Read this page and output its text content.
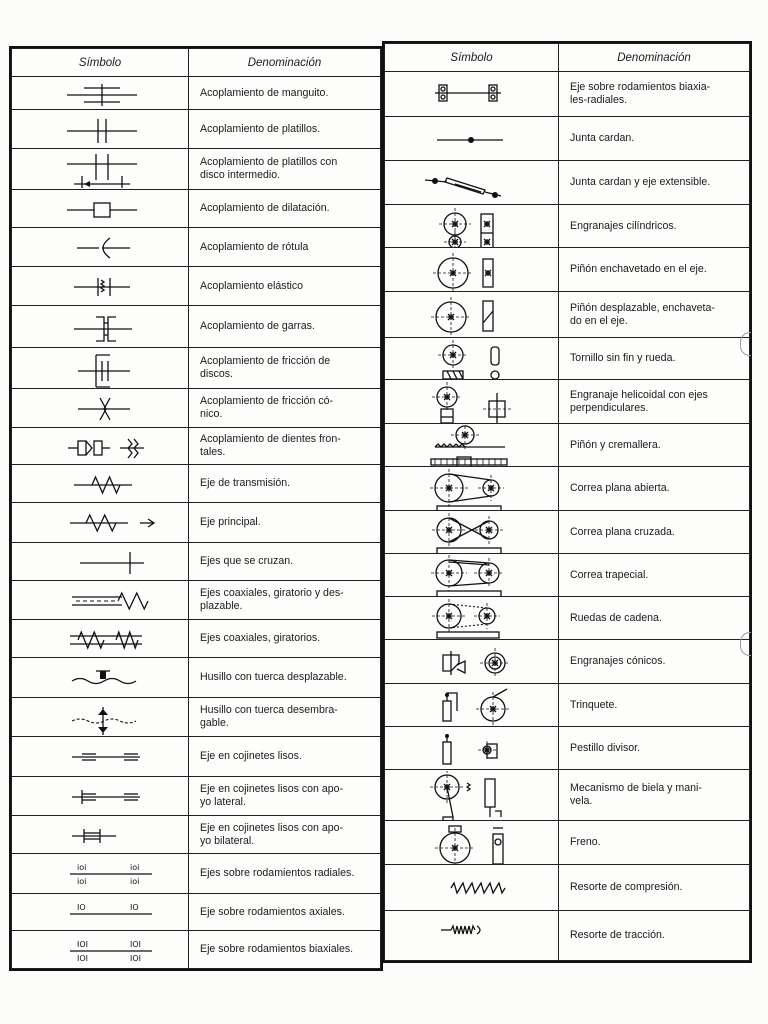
Símbolo	Denominación

	Acoplamiento de manguito.

	Acoplamiento de platillos.

	Acoplamiento de platillos con
disco intermedio.

	Acoplamiento de dilatación.

	Acoplamiento de rótula

	Acoplamiento elástico

	Acoplamiento de garras.

	Acoplamiento de fricción de
discos.

	Acoplamiento de fricción có-
nico.

	Acoplamiento de dientes fron-
tales.

	Eje de transmisión.

	Eje principal.

	Ejes que se cruzan.

	Ejes coaxiales, giratorio y des-
plazable.

	Ejes coaxiales, giratorios.

	Husillo con tuerca desplazable.

	Husillo con tuerca desembra-
gable.

	Eje en cojinetes lisos.

	Eje en cojinetes lisos con apo-
yo lateral.

	Eje en cojinetes lisos con apo-
yo bilateral.

ioi
ioi
ioi
ioi	Ejes sobre rodamientos radiales.

IO IO	Eje sobre rodamientos axiales.

IOI
IOI
IOI
IOI	Eje sobre rodamientos biaxiales.
Símbolo	Denominación

	Eje sobre rodamientos biaxia-
les-radiales.

	Junta cardan.

	Junta cardan y eje extensible.

	Engranajes cilíndricos.

	Piñón enchavetado en el eje.

	Piñón desplazable, enchaveta-
do en el eje.

	Tornillo sin fin y rueda.

	Engranaje helicoidal con ejes
perpendiculares.

	Piñón y cremallera.

	Correa plana abierta.

	Correa plana cruzada.

	Correa trapecial.

	Ruedas de cadena.

	Engranajes cónicos.

	Trinquete.

	Pestillo divisor.

	Mecanismo de biela y mani-
vela.

	Freno.

	Resorte de compresión.

	Resorte de tracción.
